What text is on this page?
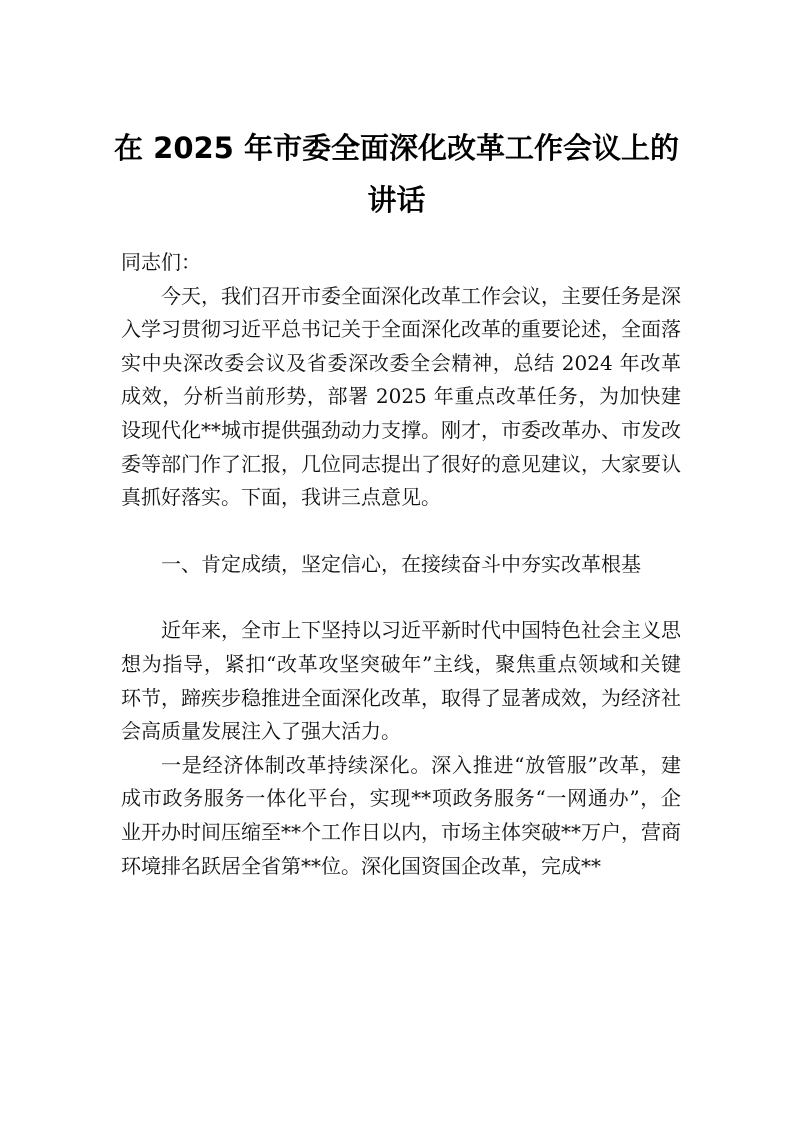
在 2025 年市委全面深化改革工作会议上的
讲话

同志们：

今天，我们召开市委全面深化改革工作会议，主要任务是深入学习贯彻习近平总书记关于全面深化改革的重要论述，全面落实中央深改委会议及省委深改委全会精神，总结 2024 年改革成效，分析当前形势，部署 2025 年重点改革任务，为加快建设现代化**城市提供强劲动力支撑。刚才，市委改革办、市发改委等部门作了汇报，几位同志提出了很好的意见建议，大家要认真抓好落实。下面，我讲三点意见。

一、肯定成绩，坚定信心，在接续奋斗中夯实改革根基

近年来，全市上下坚持以习近平新时代中国特色社会主义思想为指导，紧扣“改革攻坚突破年”主线，聚焦重点领域和关键环节，蹄疾步稳推进全面深化改革，取得了显著成效，为经济社会高质量发展注入了强大活力。

一是经济体制改革持续深化。深入推进“放管服”改革，建成市政务服务一体化平台，实现**项政务服务“一网通办”，企业开办时间压缩至**个工作日以内，市场主体突破**万户，营商环境排名跃居全省第**位。深化国资国企改革，完成**
